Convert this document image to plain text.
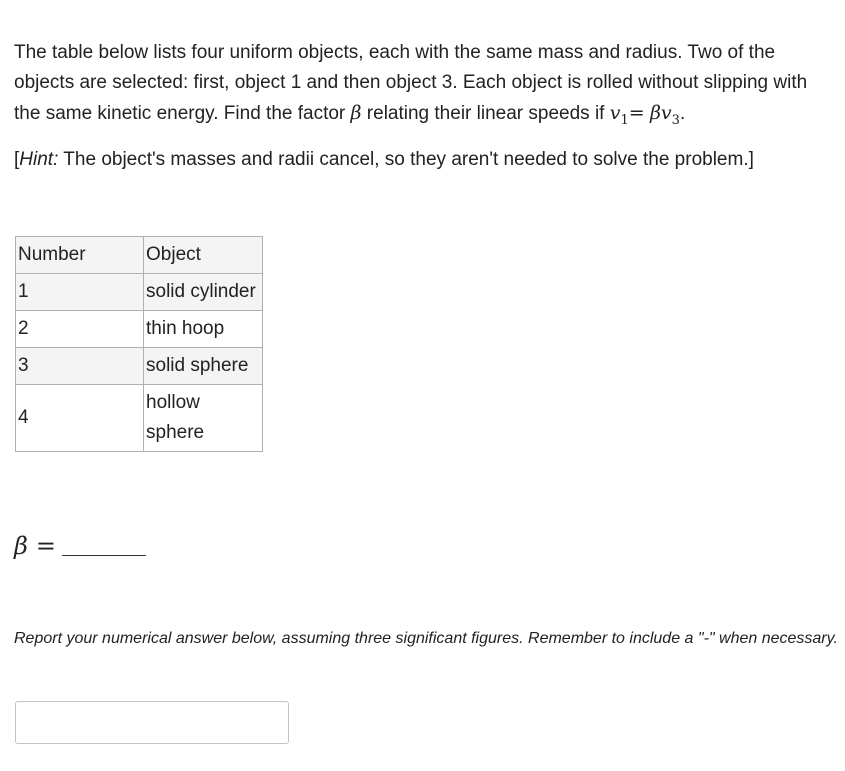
The table below lists four uniform objects, each with the same mass and radius. Two of the objects are selected: first, object 1 and then object 3. Each object is rolled without slipping with the same kinetic energy. Find the factor β relating their linear speeds if $v_1= \beta v_3$.

[Hint: The object's masses and radii cancel, so they aren't needed to solve the problem.]
Number	Object
1	solid cylinder
2	thin hoop
3	solid sphere
4	hollow sphere
β =
Report your numerical answer below, assuming three significant figures. Remember to include a "-" when necessary.
